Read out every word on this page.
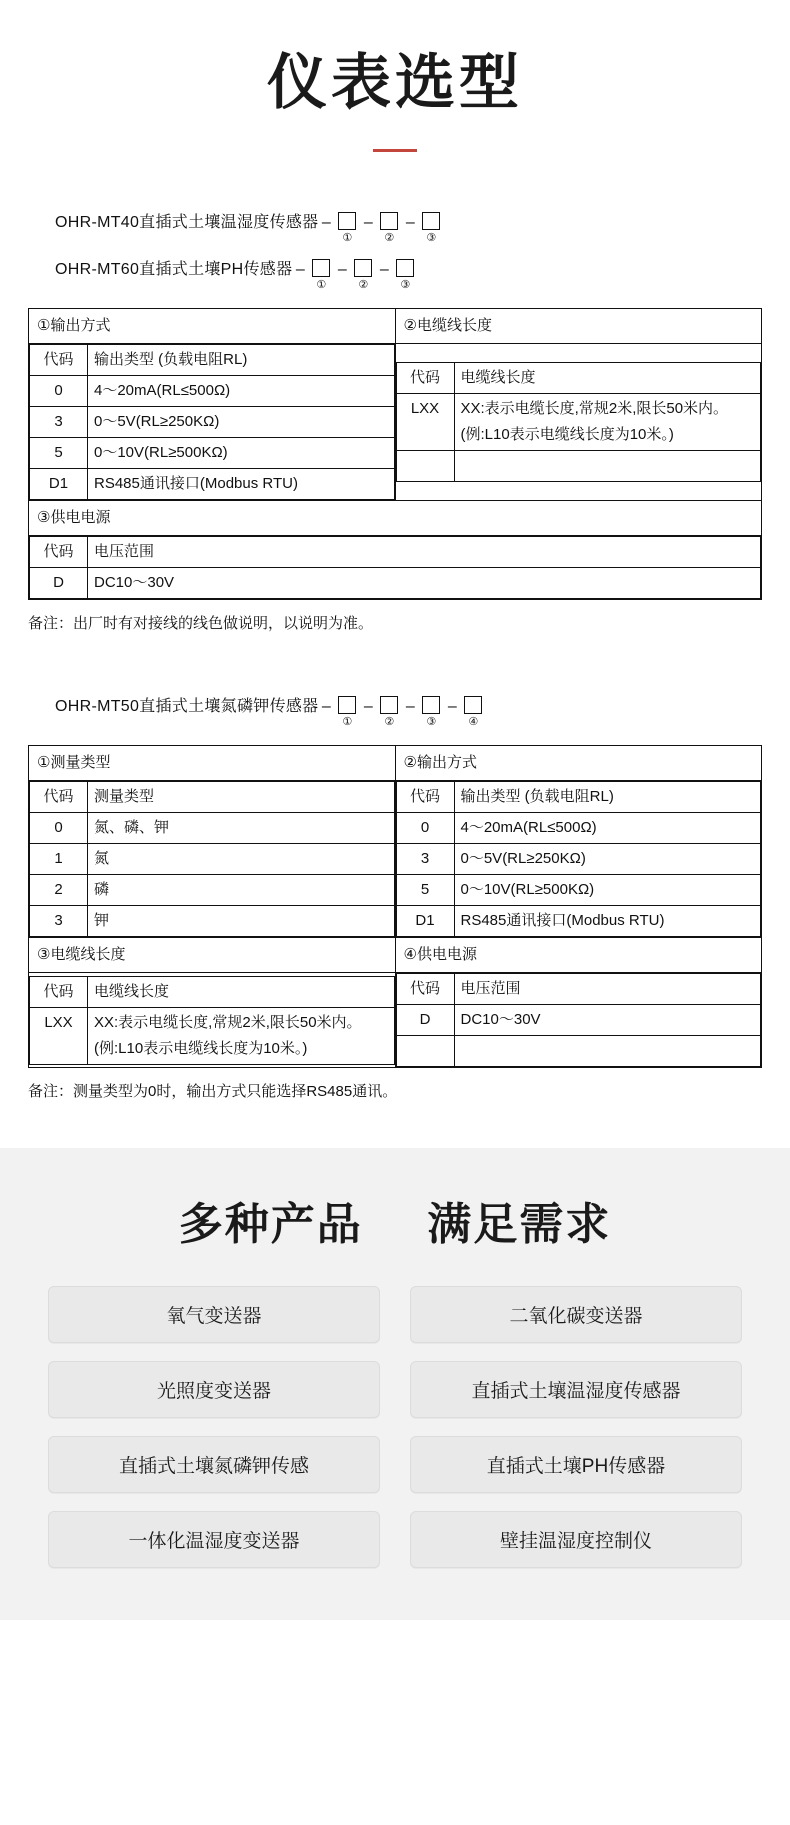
仪表选型
OHR-MT40直插式土壤温湿度传感器 –
①
–
②
–
③
OHR-MT60直插式土壤PH传感器 –
①
–
②
–
③
①输出方式	②电缆线长度

代码	输出类型 (负载电阻RL)
0	4～20mA(RL≤500Ω)
3	0～5V(RL≥250KΩ)
5	0～10V(RL≥500KΩ)
D1	RS485通讯接口(Modbus RTU)

代码	电缆线长度
LXX	XX:表示电缆长度,常规2米,限长50米内。(例:L10表示电缆线长度为10米。)

③供电电源

代码	电压范围
D	DC10～30V
备注：出厂时有对接线的线色做说明，以说明为准。
OHR-MT50直插式土壤氮磷钾传感器 –
①
–
②
–
③
–
④
①测量类型	②输出方式

代码	测量类型
0	氮、磷、钾
1	氮
2	磷
3	钾

代码	输出类型 (负载电阻RL)
0	4～20mA(RL≤500Ω)
3	0～5V(RL≥250KΩ)
5	0～10V(RL≥500KΩ)
D1	RS485通讯接口(Modbus RTU)

③电缆线长度	④供电电源

代码	电缆线长度
LXX	XX:表示电缆长度,常规2米,限长50米内。(例:L10表示电缆线长度为10米。)

代码	电压范围
D	DC10～30V

备注：测量类型为0时，输出方式只能选择RS485通讯。
多种产品 满足需求
氧气变送器	二氧化碳变送器
光照度变送器	直插式土壤温湿度传感器
直插式土壤氮磷钾传感	直插式土壤PH传感器
一体化温湿度变送器	壁挂温湿度控制仪
